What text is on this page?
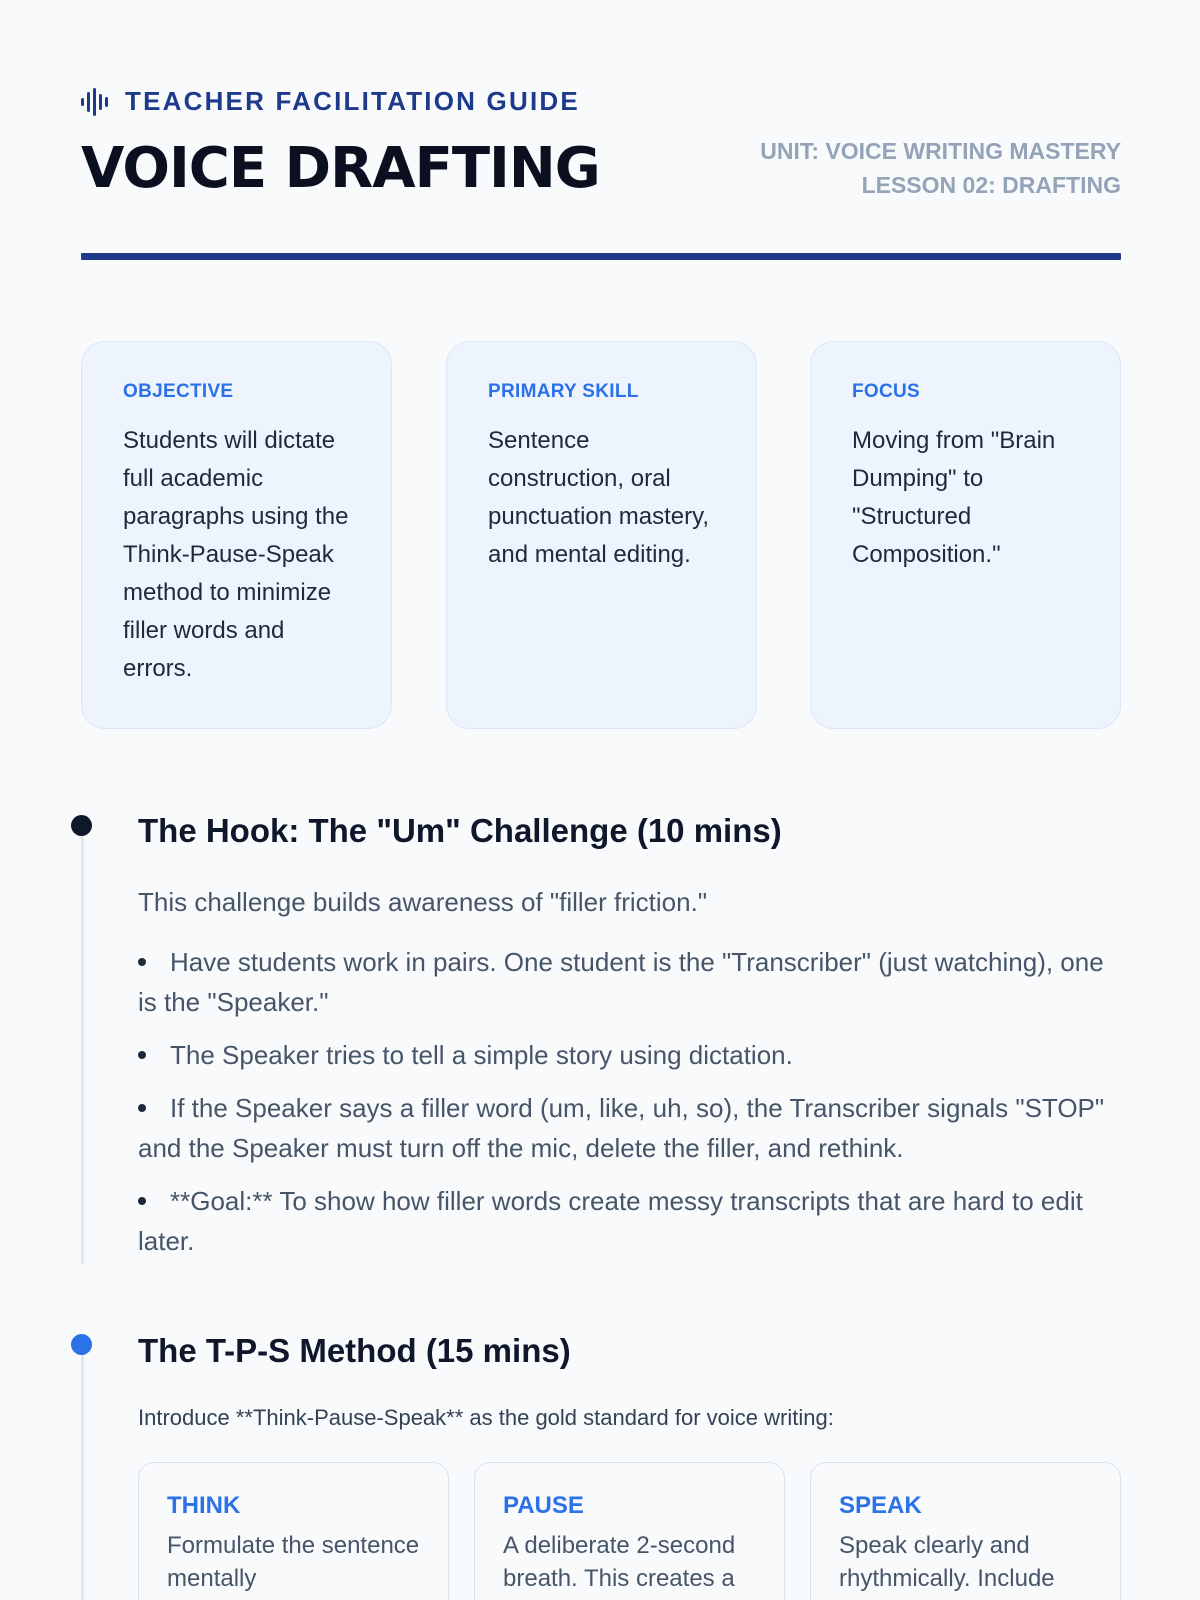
TEACHER FACILITATION GUIDE
VOICE DRAFTING	UNIT: VOICE WRITING MASTERY
LESSON 02: DRAFTING
OBJECTIVE
Students will dictate full academic paragraphs using the Think-Pause-Speak method to minimize filler words and errors.
PRIMARY SKILL
Sentence construction, oral punctuation mastery, and mental editing.
FOCUS
Moving from "Brain Dumping" to "Structured Composition."
The Hook: The "Um" Challenge (10 mins)

This challenge builds awareness of "filler friction."

Have students work in pairs. One student is the "Transcriber" (just watching), one is the "Speaker."
The Speaker tries to tell a simple story using dictation.
If the Speaker says a filler word (um, like, uh, so), the Transcriber signals "STOP" and the Speaker must turn off the mic, delete the filler, and rethink.
**Goal:** To show how filler words create messy transcripts that are hard to edit later.
The T-P-S Method (15 mins)

Introduce **Think-Pause-Speak** as the gold standard for voice writing:

THINK
Formulate the sentence mentally
PAUSE
A deliberate 2-second breath. This creates a
SPEAK
Speak clearly and rhythmically. Include
